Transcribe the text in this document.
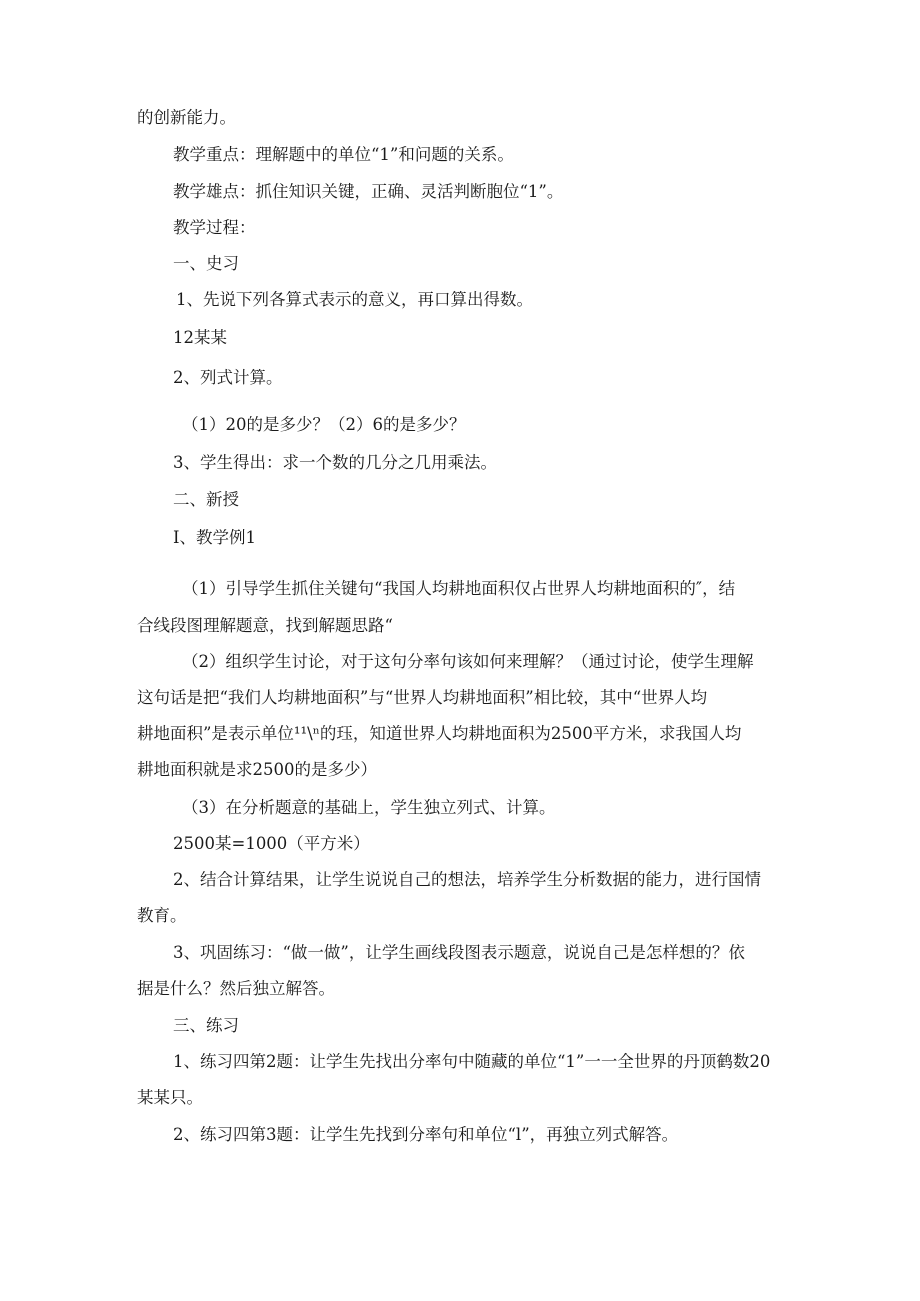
的创新能力。
教学重点：理解题中的单位“1”和问题的关系。
教学雄点：抓住知识关键，正确、灵活判断胞位“1”。
教学过程：
一、史习
1、先说下列各算式表示的意义，再口算出得数。
12某某
2、列式计算。
（1）20的是多少？（2）6的是多少？
3、学生得出：求一个数的几分之几用乘法。
二、新授
I、教学例1
（1）引导学生抓住关键句“我国人均耕地面积仅占世界人均耕地面积的″，结
合线段图理解题意，找到解题思路“
（2）组织学生讨论，对于这句分率句该如何来理解？（通过讨论，使学生理解
这句话是把“我们人均耕地面积”与“世界人均耕地面积”相比较，其中“世界人均
耕地面积”是表示单位¹¹\ⁿ的珏，知道世界人均耕地面积为2500平方米，求我国人均
耕地面积就是求2500的是多少）
（3）在分析题意的基础上，学生独立列式、计算。
2500某=1000（平方米）
2、结合计算结果，让学生说说自己的想法，培养学生分析数据的能力，进行国情
教育。
3、巩固练习：“做一做”，让学生画线段图表示题意，说说自己是怎样想的？依
据是什么？然后独立解答。
三、练习
1、练习四第2题：让学生先找出分率句中随藏的单位“1”一一全世界的丹顶鹤数20
某某只。
2、练习四第3题：让学生先找到分率句和单位“l”，再独立列式解答。
